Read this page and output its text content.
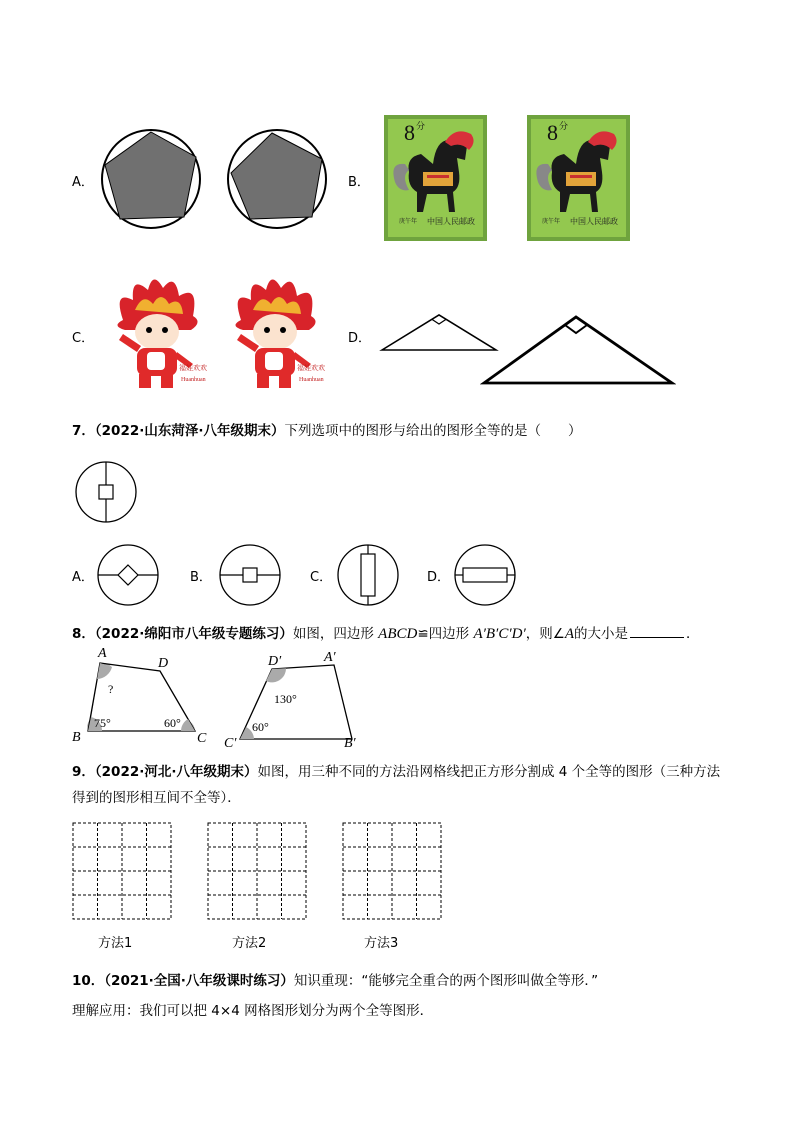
A．	B．
8 分
庚午年 中国人民邮政
8 分
庚午年 中国人民邮政
C．
福娃欢欢
Huanhuan
福娃欢欢
Huanhuan
D．
7．（2022·山东菏泽·八年级期末）下列选项中的图形与给出的图形全等的是（　　）
A．	B．	C．	D．
8．（2022·绵阳市八年级专题练习）如图，四边形 ABCD≌四边形 A′B′C′D′，则∠A的大小是	．
A
D
B	C
?
75°	60°
D′	A′
C′	B′
130°
60°
9．（2022·河北·八年级期末）如图，用三种不同的方法沿网格线把正方形分割成 4 个全等的图形（三种方法
得到的图形相互间不全等）．
方法1	方法2	方法3
10．（2021·全国·八年级课时练习）知识重现：“能够完全重合的两个图形叫做全等形．”
理解应用：我们可以把 4×4 网格图形划分为两个全等图形．
